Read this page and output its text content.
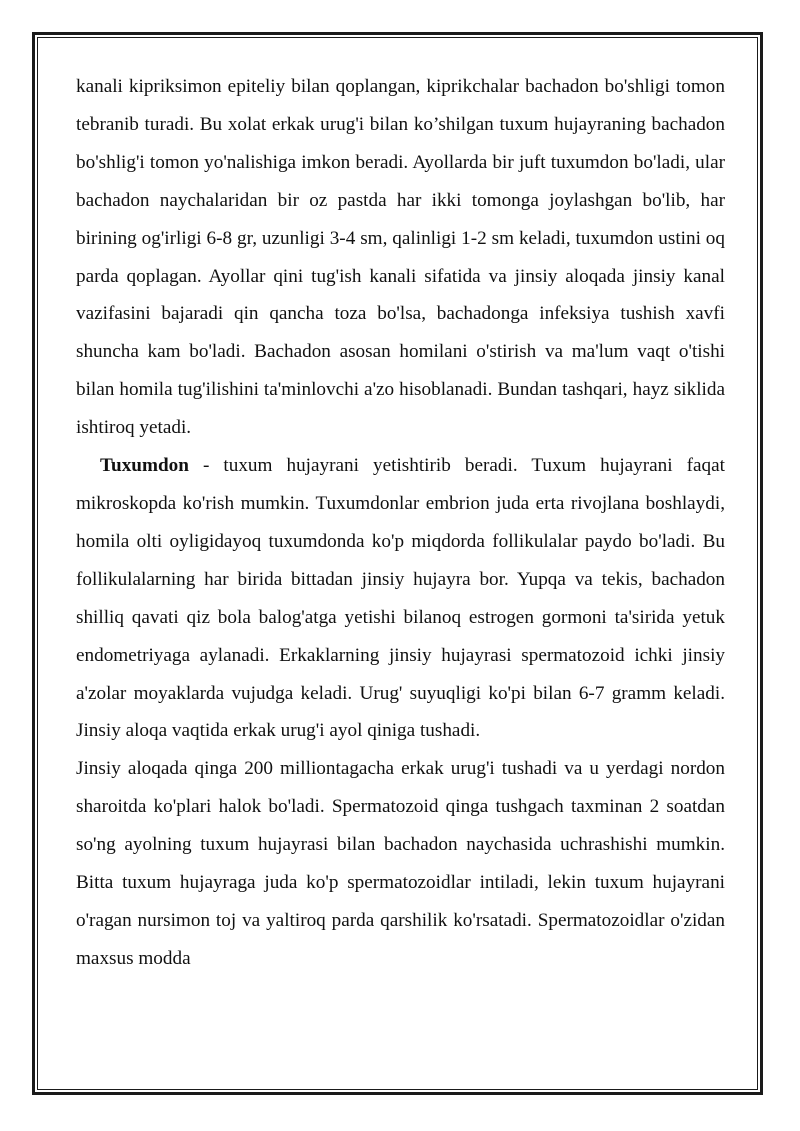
kanali kipriksimon epiteliy bilan qoplangan, kiprikchalar bachadon bo'shligi tomon tebranib turadi. Bu xolat erkak urug'i bilan ko’shilgan tuxum hujayraning bachadon bo'shlig'i tomon yo'nalishiga imkon beradi. Ayollarda bir juft tuxumdon bo'ladi, ular bachadon naychalaridan bir oz pastda har ikki tomonga joylashgan bo'lib, har birining og'irligi 6-8 gr, uzunligi 3-4 sm, qalinligi 1-2 sm keladi, tuxumdon ustini oq parda qoplagan. Ayollar qini tug'ish kanali sifatida va jinsiy aloqada jinsiy kanal vazifasini bajaradi qin qancha toza bo'lsa, bachadonga infeksiya tushish xavfi shuncha kam bo'ladi. Bachadon asosan homilani o'stirish va ma'lum vaqt o'tishi bilan homila tug'ilishini ta'minlovchi a'zo hisoblanadi. Bundan tashqari, hayz siklida ishtiroq yetadi.

Tuxumdon - tuxum hujayrani yetishtirib beradi. Tuxum hujayrani faqat mikroskopda ko'rish mumkin. Tuxumdonlar embrion juda erta rivojlana boshlaydi, homila olti oyligidayoq tuxumdonda ko'p miqdorda follikulalar paydo bo'ladi. Bu follikulalarning har birida bittadan jinsiy hujayra bor. Yupqa va tekis, bachadon shilliq qavati qiz bola balog'atga yetishi bilanoq estrogen gormoni ta'sirida yetuk endometriyaga aylanadi. Erkaklarning jinsiy hujayrasi spermatozoid ichki jinsiy a'zolar moyaklarda vujudga keladi. Urug' suyuqligi ko'pi bilan 6-7 gramm keladi. Jinsiy aloqa vaqtida erkak urug'i ayol qiniga tushadi.

Jinsiy aloqada qinga 200 milliontagacha erkak urug'i tushadi va u yerdagi nordon sharoitda ko'plari halok bo'ladi. Spermatozoid qinga tushgach taxminan 2 soatdan so'ng ayolning tuxum hujayrasi bilan bachadon naychasida uchrashishi mumkin. Bitta tuxum hujayraga juda ko'p spermatozoidlar intiladi, lekin tuxum hujayrani o'ragan nursimon toj va yaltiroq parda qarshilik ko'rsatadi. Spermatozoidlar o'zidan maxsus modda
